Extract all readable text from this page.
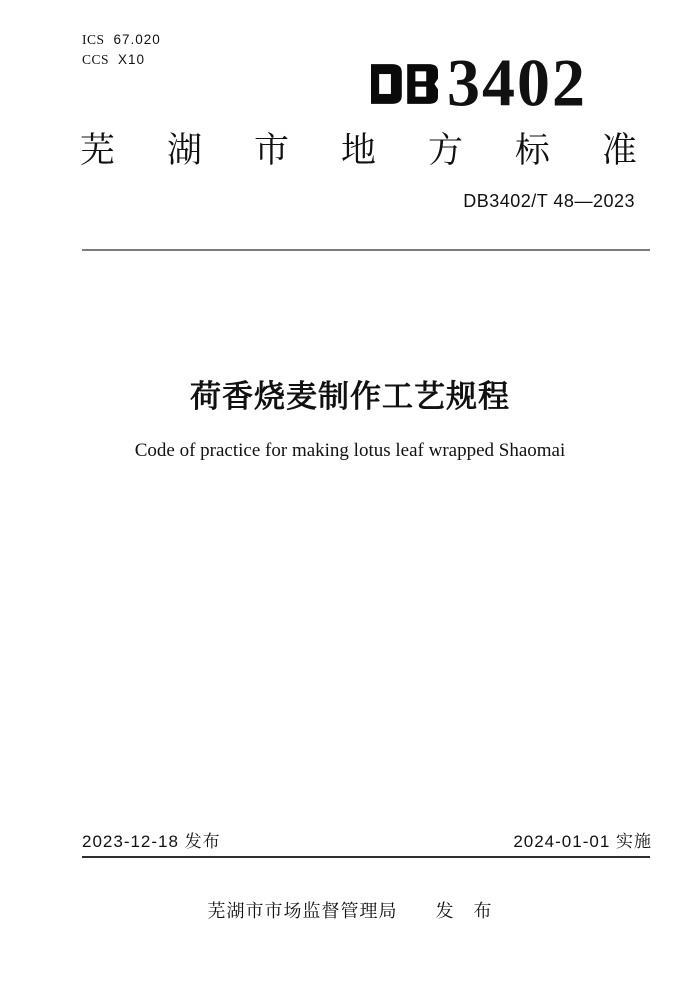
ICS 67.020
CCS X10	3402
芜 湖 市 地 方 标 准
DB3402/T 48—2023
荷香烧麦制作工艺规程
Code of practice for making lotus leaf wrapped Shaomai
2023-12-18 发布	2024-01-01 实施
芜湖市市场监督管理局　　发　布
